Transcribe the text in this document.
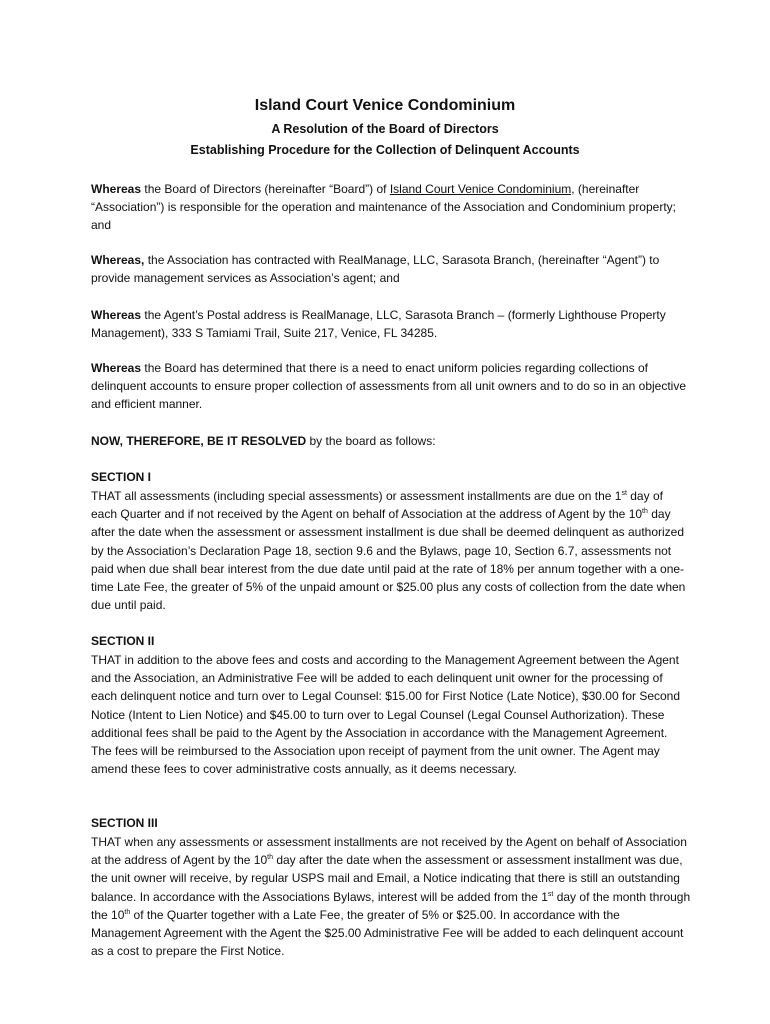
Island Court Venice Condominium
A Resolution of the Board of Directors
Establishing Procedure for the Collection of Delinquent Accounts

Whereas the Board of Directors (hereinafter “Board”) of Island Court Venice Condominium, (hereinafter “Association”) is responsible for the operation and maintenance of the Association and Condominium property; and

Whereas, the Association has contracted with RealManage, LLC, Sarasota Branch, (hereinafter “Agent”) to provide management services as Association’s agent; and

Whereas the Agent’s Postal address is RealManage, LLC, Sarasota Branch – (formerly Lighthouse Property Management), 333 S Tamiami Trail, Suite 217, Venice, FL 34285.

Whereas the Board has determined that there is a need to enact uniform policies regarding collections of delinquent accounts to ensure proper collection of assessments from all unit owners and to do so in an objective and efficient manner.

NOW, THEREFORE, BE IT RESOLVED by the board as follows:

SECTION I

THAT all assessments (including special assessments) or assessment installments are due on the 1st day of each Quarter and if not received by the Agent on behalf of Association at the address of Agent by the 10th day after the date when the assessment or assessment installment is due shall be deemed delinquent as authorized by the Association’s Declaration Page 18, section 9.6 and the Bylaws, page 10, Section 6.7, assessments not paid when due shall bear interest from the due date until paid at the rate of 18% per annum together with a one-time Late Fee, the greater of 5% of the unpaid amount or $25.00 plus any costs of collection from the date when due until paid.

SECTION II

THAT in addition to the above fees and costs and according to the Management Agreement between the Agent and the Association, an Administrative Fee will be added to each delinquent unit owner for the processing of each delinquent notice and turn over to Legal Counsel: $15.00 for First Notice (Late Notice), $30.00 for Second Notice (Intent to Lien Notice) and $45.00 to turn over to Legal Counsel (Legal Counsel Authorization). These additional fees shall be paid to the Agent by the Association in accordance with the Management Agreement. The fees will be reimbursed to the Association upon receipt of payment from the unit owner. The Agent may amend these fees to cover administrative costs annually, as it deems necessary.

SECTION III

THAT when any assessments or assessment installments are not received by the Agent on behalf of Association at the address of Agent by the 10th day after the date when the assessment or assessment installment was due, the unit owner will receive, by regular USPS mail and Email, a Notice indicating that there is still an outstanding balance. In accordance with the Associations Bylaws, interest will be added from the 1st day of the month through the 10th of the Quarter together with a Late Fee, the greater of 5% or $25.00. In accordance with the Management Agreement with the Agent the $25.00 Administrative Fee will be added to each delinquent account as a cost to prepare the First Notice.
